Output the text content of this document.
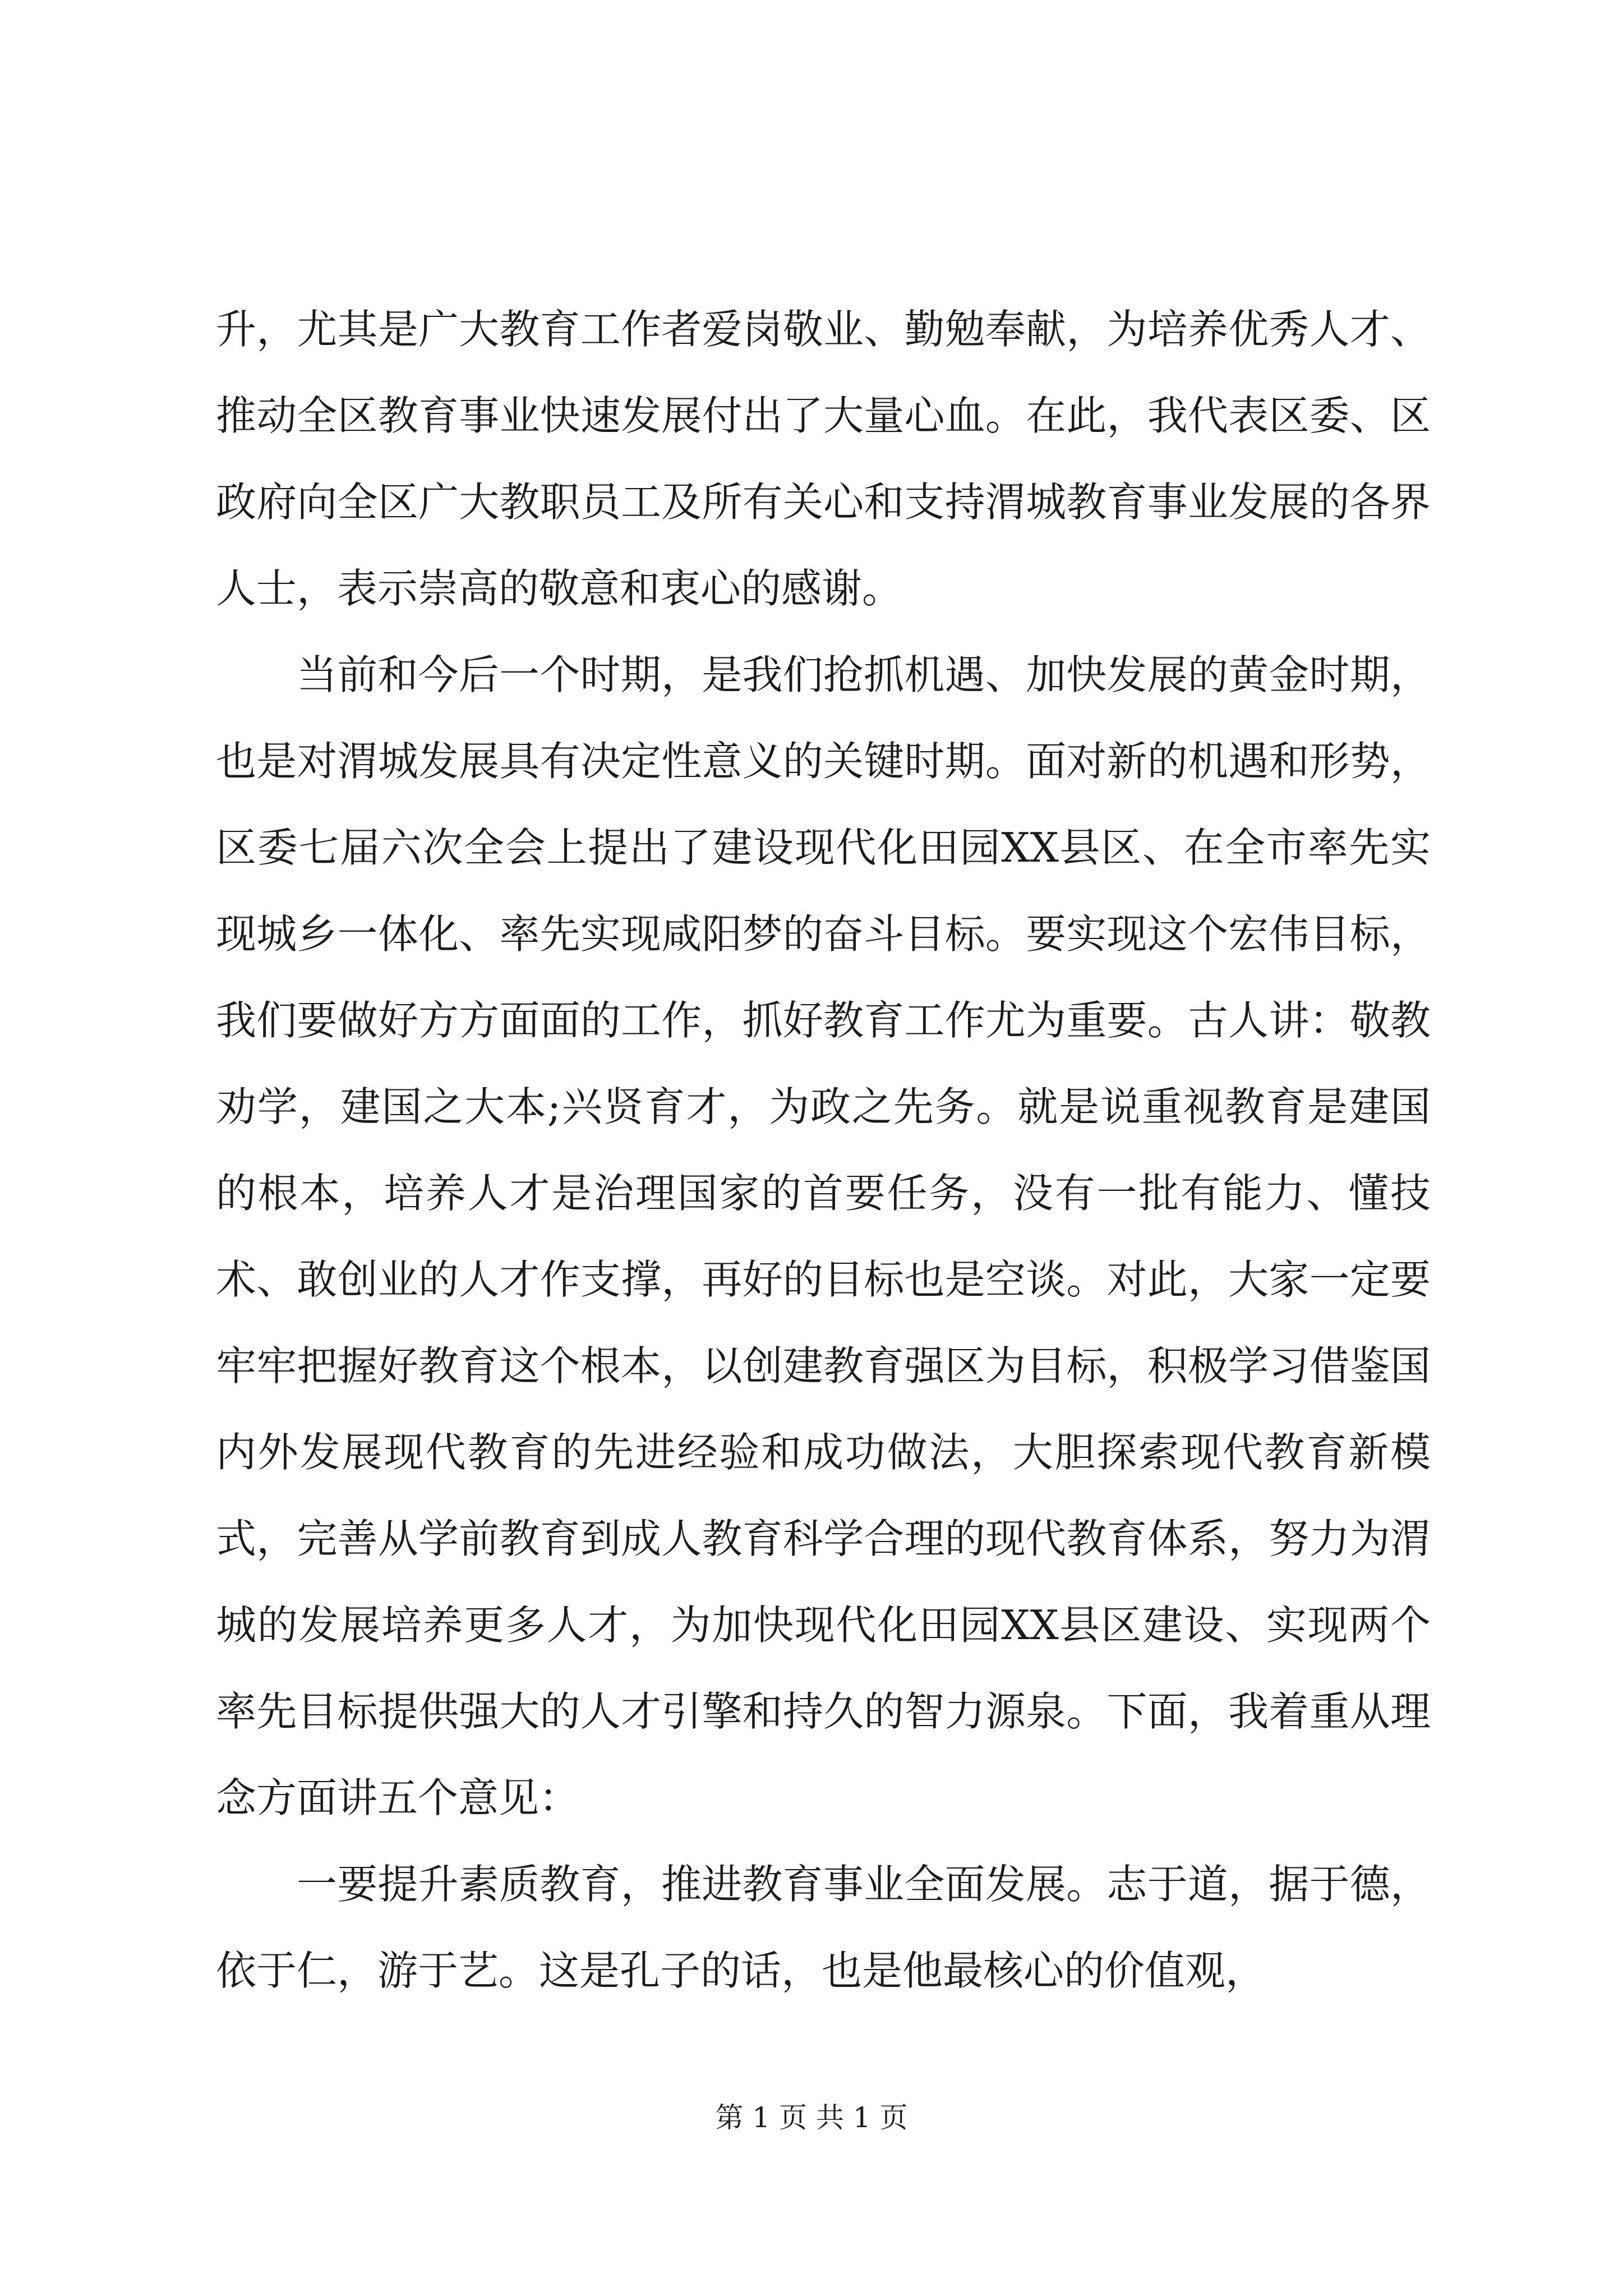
升，尤其是广大教育工作者爱岗敬业、勤勉奉献，为培养优秀人才、推动全区教育事业快速发展付出了大量心血。在此，我代表区委、区政府向全区广大教职员工及所有关心和支持渭城教育事业发展的各界人士，表示崇高的敬意和衷心的感谢。

当前和今后一个时期，是我们抢抓机遇、加快发展的黄金时期，也是对渭城发展具有决定性意义的关键时期。面对新的机遇和形势，区委七届六次全会上提出了建设现代化田园XX县区、在全市率先实现城乡一体化、率先实现咸阳梦的奋斗目标。要实现这个宏伟目标，我们要做好方方面面的工作，抓好教育工作尤为重要。古人讲：敬教劝学，建国之大本;兴贤育才，为政之先务。就是说重视教育是建国的根本，培养人才是治理国家的首要任务，没有一批有能力、懂技术、敢创业的人才作支撑，再好的目标也是空谈。对此，大家一定要牢牢把握好教育这个根本，以创建教育强区为目标，积极学习借鉴国内外发展现代教育的先进经验和成功做法，大胆探索现代教育新模式，完善从学前教育到成人教育科学合理的现代教育体系，努力为渭城的发展培养更多人才，为加快现代化田园XX县区建设、实现两个率先目标提供强大的人才引擎和持久的智力源泉。下面，我着重从理念方面讲五个意见：

一要提升素质教育，推进教育事业全面发展。志于道，据于德，依于仁，游于艺。这是孔子的话，也是他最核心的价值观，

第 1 页 共 1 页
